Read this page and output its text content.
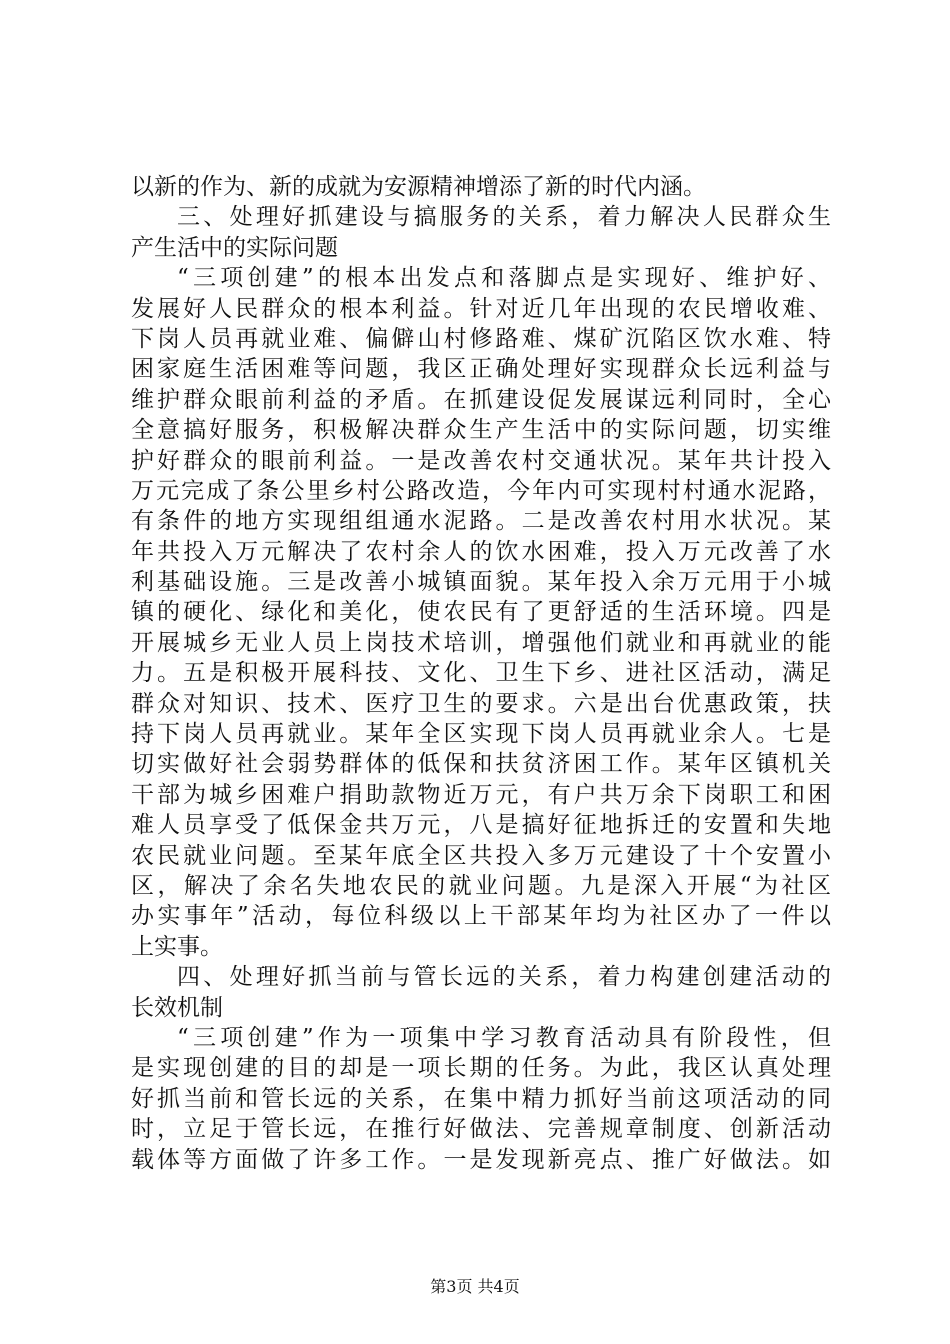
以新的作为、新的成就为安源精神增添了新的时代内涵。
三、处理好抓建设与搞服务的关系，着力解决人民群众生
产生活中的实际问题
“三项创建”的根本出发点和落脚点是实现好、维护好、
发展好人民群众的根本利益。针对近几年出现的农民增收难、
下岗人员再就业难、偏僻山村修路难、煤矿沉陷区饮水难、特
困家庭生活困难等问题，我区正确处理好实现群众长远利益与
维护群众眼前利益的矛盾。在抓建设促发展谋远利同时，全心
全意搞好服务，积极解决群众生产生活中的实际问题，切实维
护好群众的眼前利益。一是改善农村交通状况。某年共计投入
万元完成了条公里乡村公路改造，今年内可实现村村通水泥路，
有条件的地方实现组组通水泥路。二是改善农村用水状况。某
年共投入万元解决了农村余人的饮水困难，投入万元改善了水
利基础设施。三是改善小城镇面貌。某年投入余万元用于小城
镇的硬化、绿化和美化，使农民有了更舒适的生活环境。四是
开展城乡无业人员上岗技术培训，增强他们就业和再就业的能
力。五是积极开展科技、文化、卫生下乡、进社区活动，满足
群众对知识、技术、医疗卫生的要求。六是出台优惠政策，扶
持下岗人员再就业。某年全区实现下岗人员再就业余人。七是
切实做好社会弱势群体的低保和扶贫济困工作。某年区镇机关
干部为城乡困难户捐助款物近万元，有户共万余下岗职工和困
难人员享受了低保金共万元，八是搞好征地拆迁的安置和失地
农民就业问题。至某年底全区共投入多万元建设了十个安置小
区，解决了余名失地农民的就业问题。九是深入开展“为社区
办实事年”活动，每位科级以上干部某年均为社区办了一件以
上实事。
四、处理好抓当前与管长远的关系，着力构建创建活动的
长效机制
“三项创建”作为一项集中学习教育活动具有阶段性，但
是实现创建的目的却是一项长期的任务。为此，我区认真处理
好抓当前和管长远的关系，在集中精力抓好当前这项活动的同
时，立足于管长远，在推行好做法、完善规章制度、创新活动
载体等方面做了许多工作。一是发现新亮点、推广好做法。如
第3页 共4页
